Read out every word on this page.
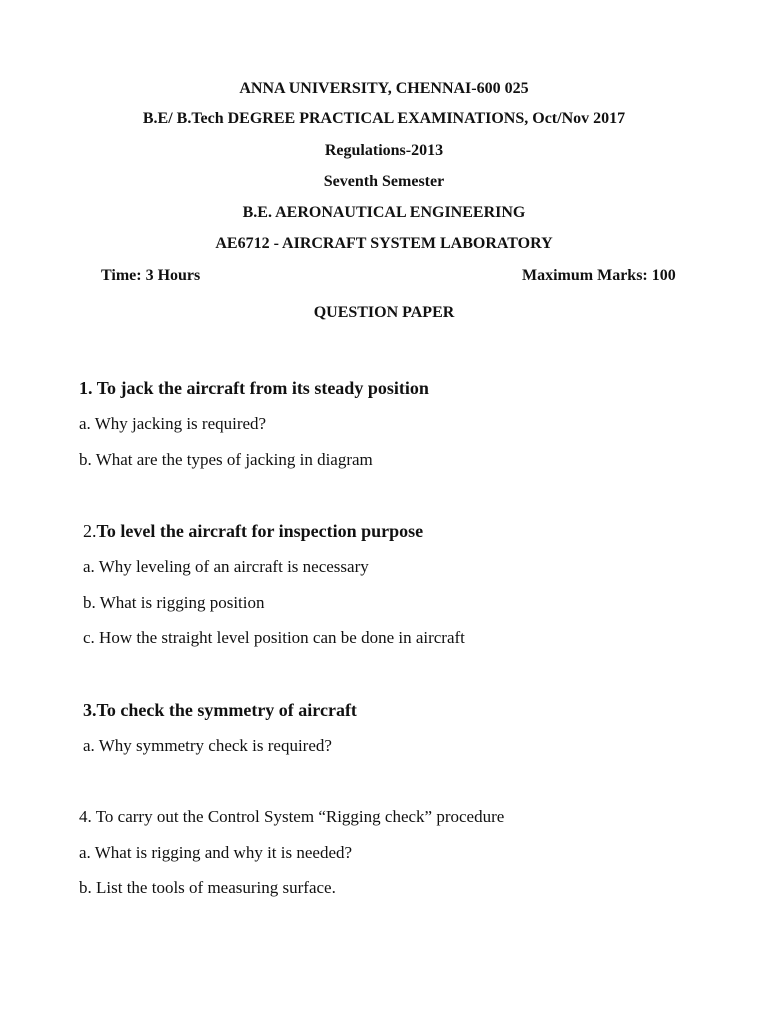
ANNA UNIVERSITY, CHENNAI-600 025
B.E/ B.Tech DEGREE PRACTICAL EXAMINATIONS, Oct/Nov 2017
Regulations-2013
Seventh Semester
B.E. AERONAUTICAL ENGINEERING
AE6712 - AIRCRAFT SYSTEM LABORATORY
Time: 3 Hours	Maximum Marks: 100
QUESTION PAPER
1. To jack the aircraft from its steady position
a. Why jacking is required?
b. What are the types of jacking in diagram
2.To level the aircraft for inspection purpose
a. Why leveling of an aircraft is necessary
b. What is rigging position
c. How the straight level position can be done in aircraft
3.To check the symmetry of aircraft
a. Why symmetry check is required?
4. To carry out the Control System “Rigging check” procedure
a. What is rigging and why it is needed?
b. List the tools of measuring surface.
